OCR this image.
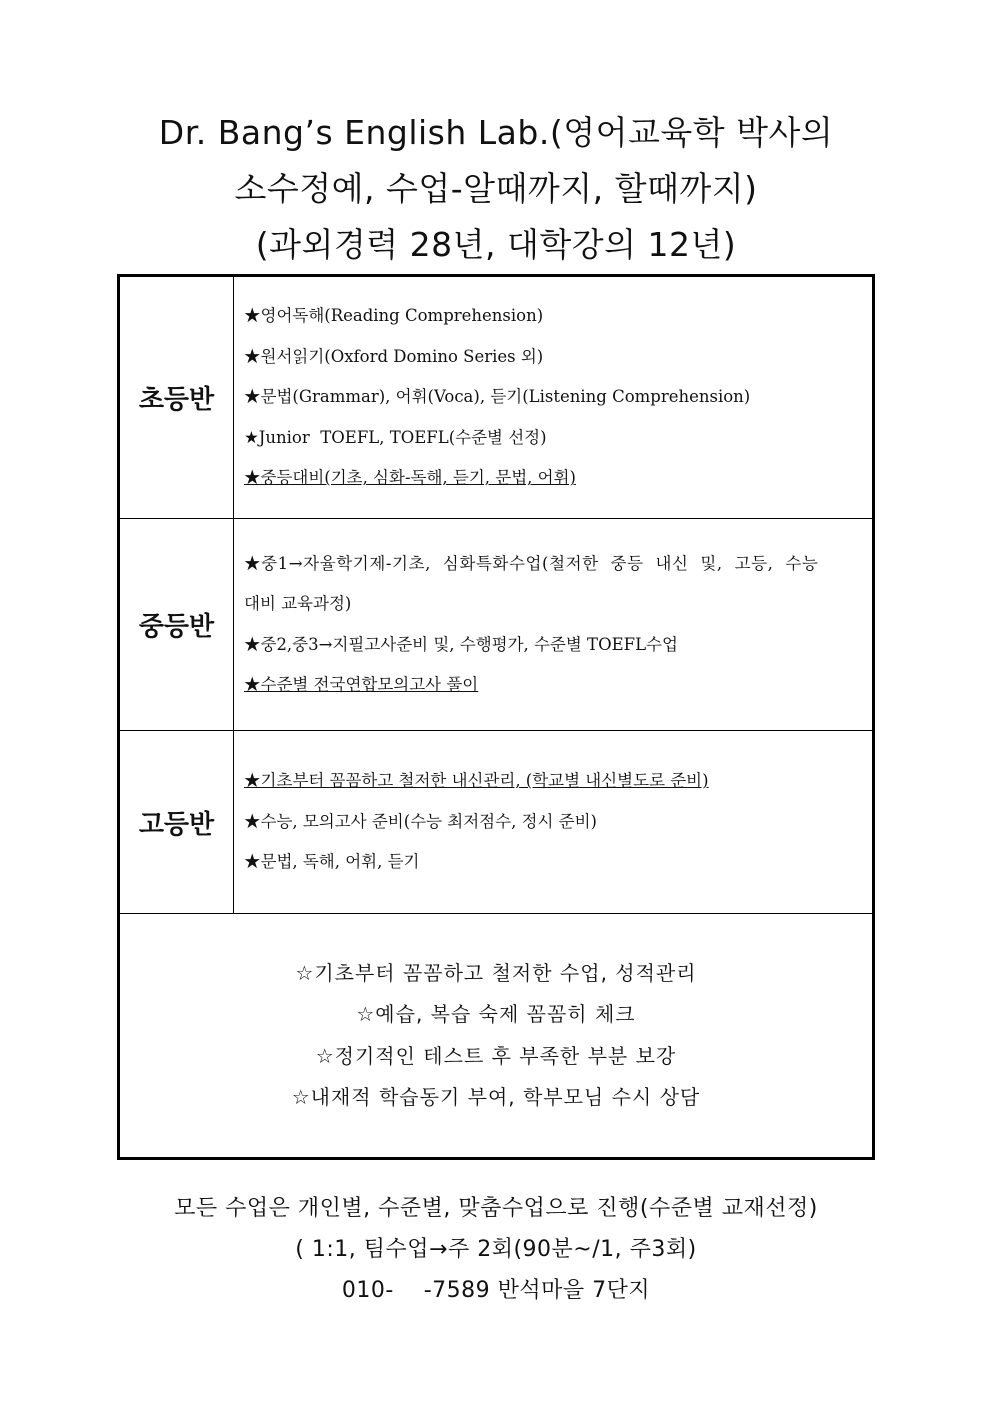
Dr. Bang’s English Lab.(영어교육학 박사의
소수정예, 수업-알때까지, 할때까지)
(과외경력 28년, 대학강의 12년)
초등반
★영어독해(Reading Comprehension)
★원서읽기(Oxford Domino Series 외)
★문법(Grammar), 어휘(Voca), 듣기(Listening Comprehension)
★Junior  TOEFL, TOEFL(수준별 선정)
★중등대비(기초, 심화-독해, 듣기, 문법, 어휘)
중등반
★중1→자율학기제-기초, 심화특화수업(철저한 중등 내신 및, 고등, 수능
대비 교육과정)
★중2,중3→지필고사준비 및, 수행평가, 수준별 TOEFL수업
★수준별 전국연합모의고사 풀이
고등반
★기초부터 꼼꼼하고 철저한 내신관리, (학교별 내신별도로 준비)
★수능, 모의고사 준비(수능 최저점수, 정시 준비)
★문법, 독해, 어휘, 듣기
☆기초부터 꼼꼼하고 철저한 수업, 성적관리
☆예습, 복습 숙제 꼼꼼히 체크
☆정기적인 테스트 후 부족한 부분 보강
☆내재적 학습동기 부여, 학부모님 수시 상담
모든 수업은 개인별, 수준별, 맞춤수업으로 진행(수준별 교재선정)
( 1:1, 팀수업→주 2회(90분~/1, 주3회)
010-    -7589 반석마을 7단지
